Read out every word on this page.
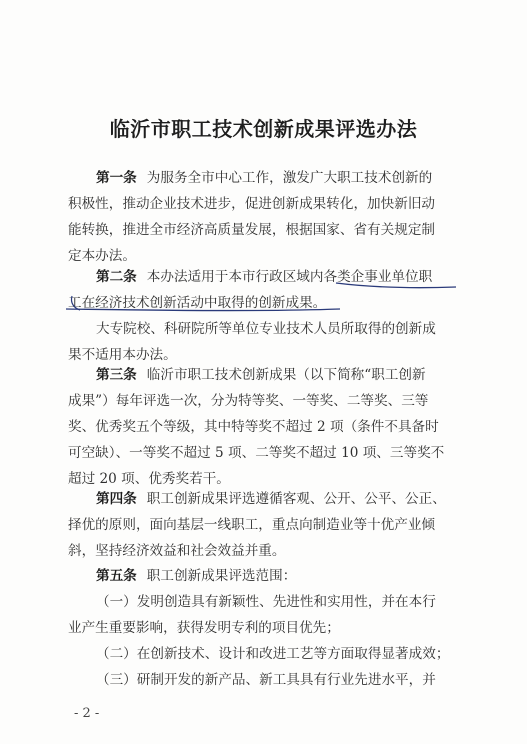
临沂市职工技术创新成果评选办法
第一条 为服务全市中心工作，激发广大职工技术创新的
积极性，推动企业技术进步，促进创新成果转化，加快新旧动
能转换，推进全市经济高质量发展，根据国家、省有关规定制
定本办法。
第二条 本办法适用于本市行政区域内各类企事业单位职
工在经济技术创新活动中取得的创新成果。
大专院校、科研院所等单位专业技术人员所取得的创新成
果不适用本办法。
第三条 临沂市职工技术创新成果（以下简称“职工创新
成果”）每年评选一次，分为特等奖、一等奖、二等奖、三等
奖、优秀奖五个等级，其中特等奖不超过 2 项（条件不具备时
可空缺）、一等奖不超过 5 项、二等奖不超过 10 项、三等奖不
超过 20 项、优秀奖若干。
第四条 职工创新成果评选遵循客观、公开、公平、公正、
择优的原则，面向基层一线职工，重点向制造业等十优产业倾
斜，坚持经济效益和社会效益并重。
第五条 职工创新成果评选范围：
（一）发明创造具有新颖性、先进性和实用性，并在本行
业产生重要影响，获得发明专利的项目优先；
（二）在创新技术、设计和改进工艺等方面取得显著成效；
（三）研制开发的新产品、新工具具有行业先进水平，并
- 2 -
